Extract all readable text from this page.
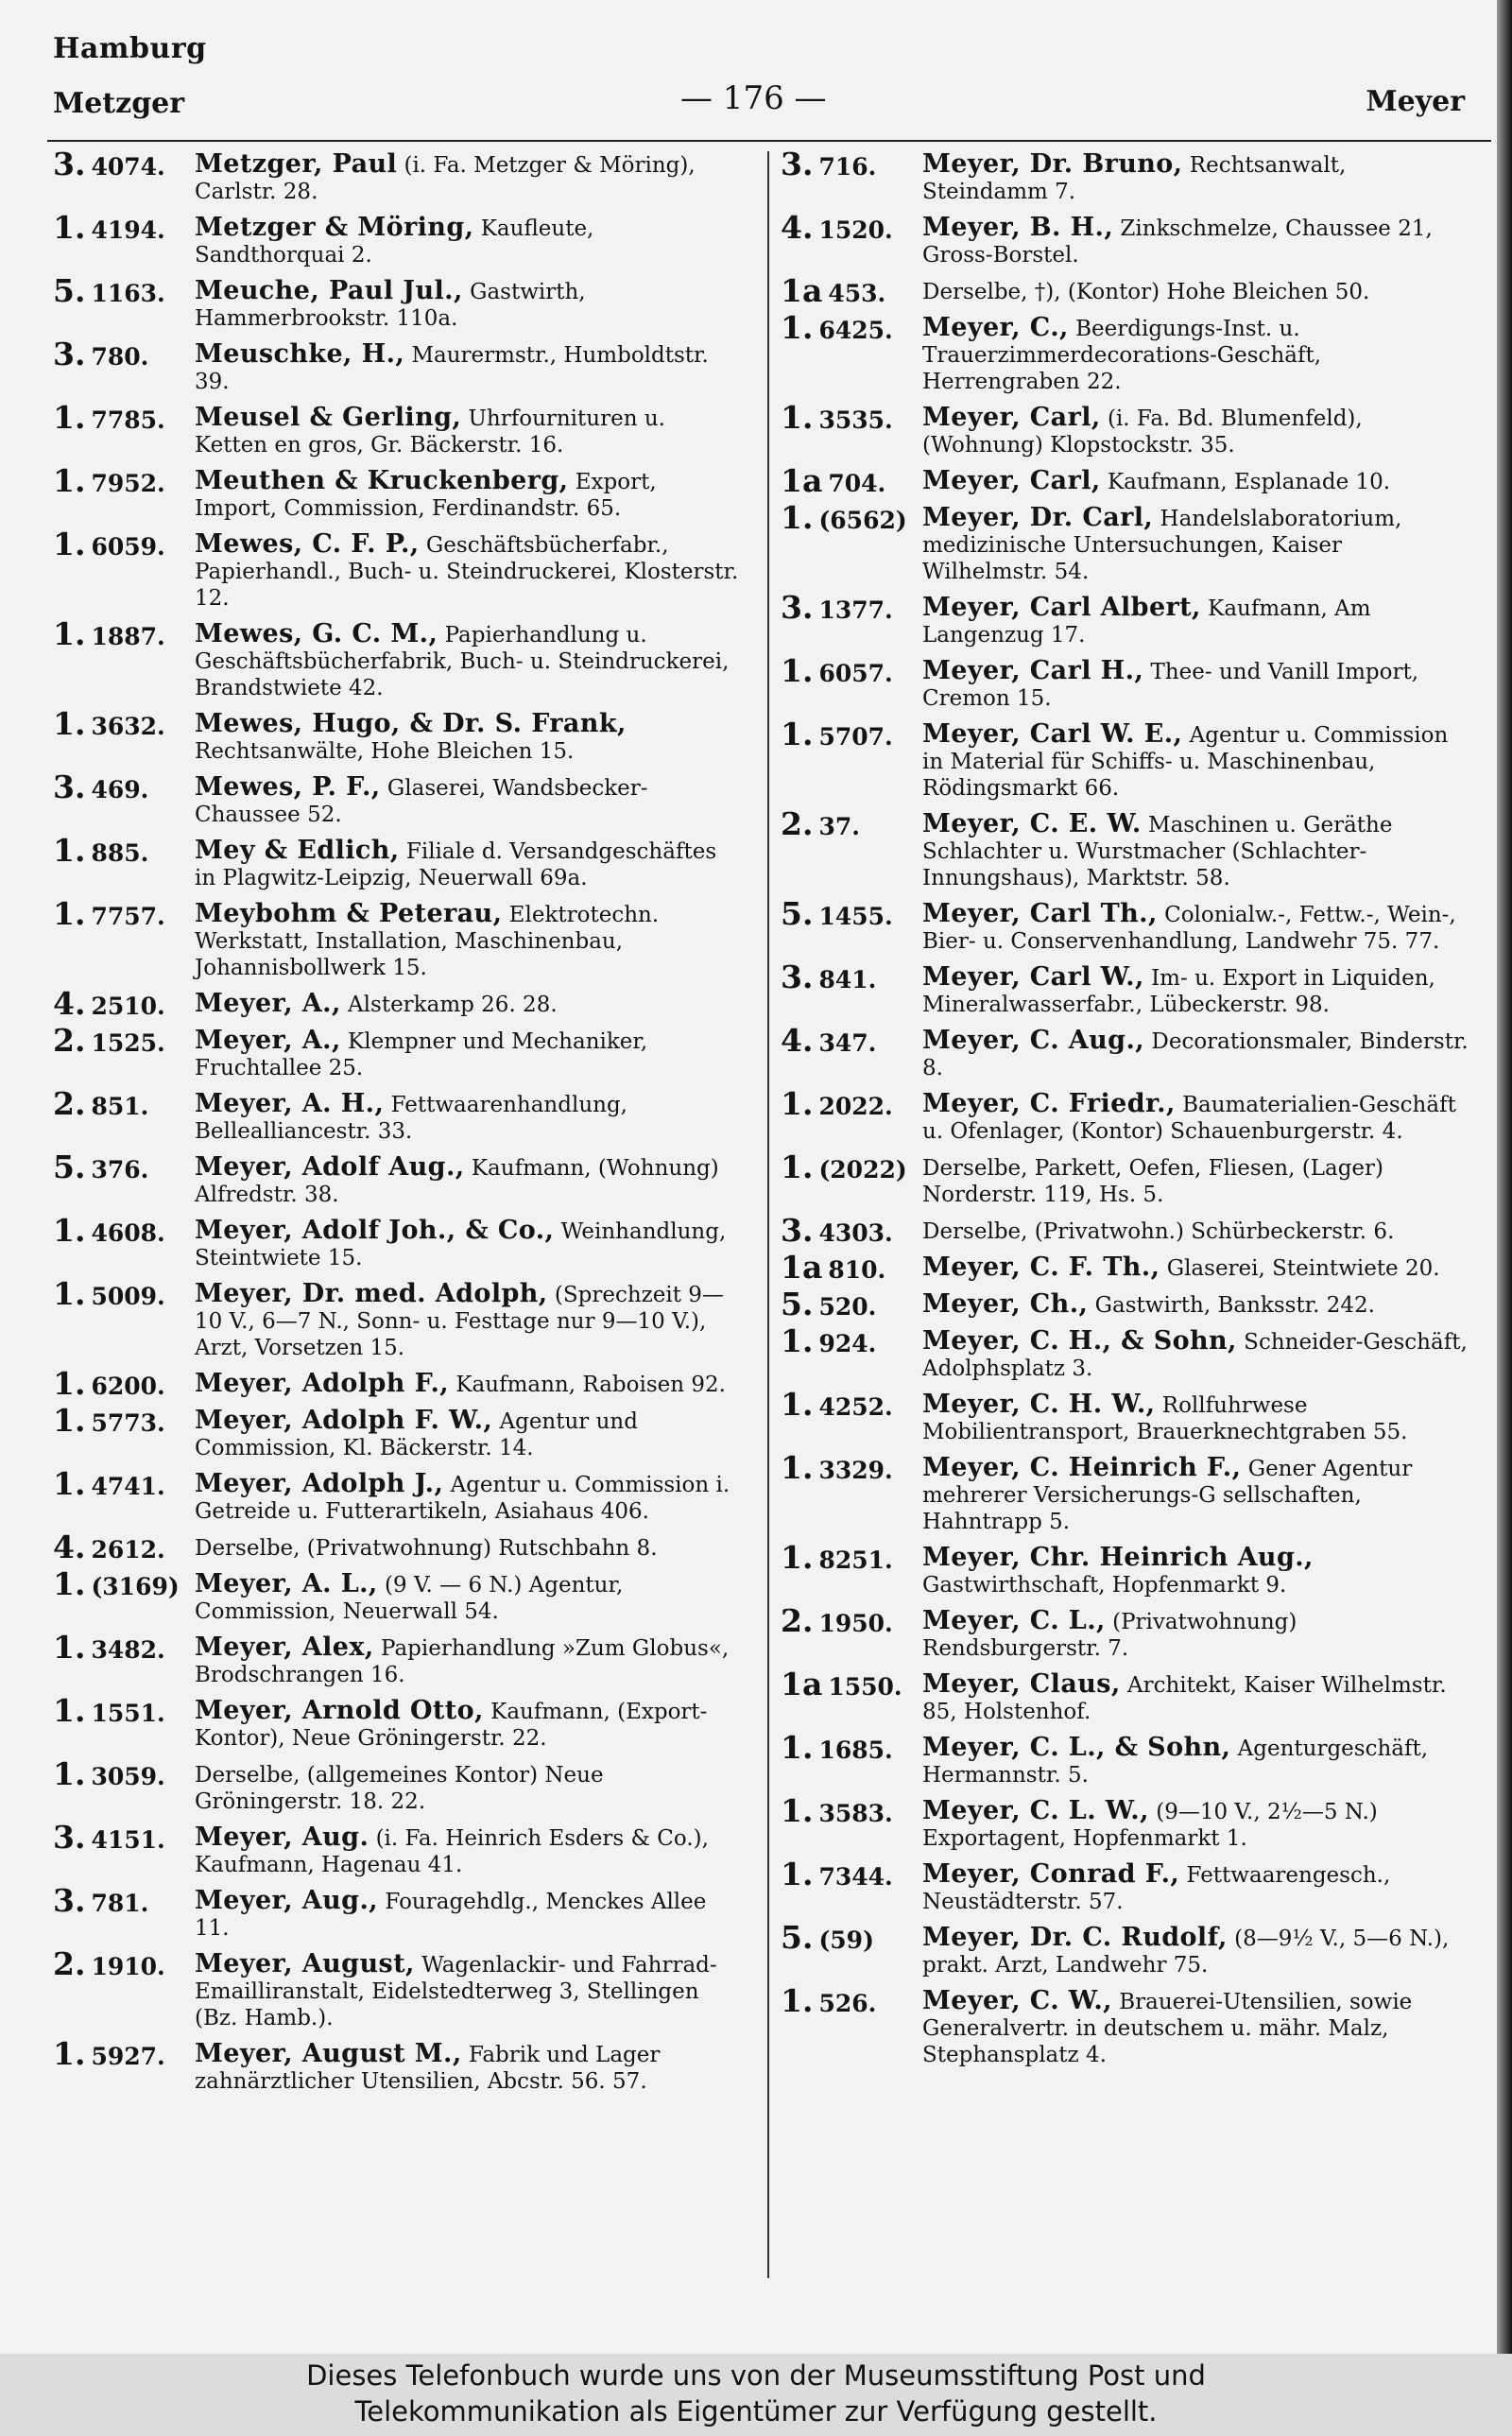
Hamburg
Metzger	— 176 —	Meyer
3. 4074. Metzger, Paul (i. Fa. Metzger & Möring), Carlstr. 28.
1. 4194. Metzger & Möring, Kaufleute, Sandthorquai 2.
5. 1163. Meuche, Paul Jul., Gastwirth, Hammerbrookstr. 110a.
3. 780. Meuschke, H., Maurermstr., Humboldtstr. 39.
1. 7785. Meusel & Gerling, Uhrfournituren u. Ketten en gros, Gr. Bäckerstr. 16.
1. 7952. Meuthen & Kruckenberg, Export, Import, Commission, Ferdinandstr. 65.
1. 6059. Mewes, C. F. P., Geschäftsbücherfabr., Papierhandl., Buch- u. Steindruckerei, Klosterstr. 12.
1. 1887. Mewes, G. C. M., Papierhandlung u. Geschäftsbücherfabrik, Buch- u. Steindruckerei, Brandstwiete 42.
1. 3632. Mewes, Hugo, & Dr. S. Frank, Rechtsanwälte, Hohe Bleichen 15.
3. 469. Mewes, P. F., Glaserei, Wandsbecker-Chaussee 52.
1. 885. Mey & Edlich, Filiale d. Versandgeschäftes in Plagwitz-Leipzig, Neuerwall 69a.
1. 7757. Meybohm & Peterau, Elektrotechn. Werkstatt, Installation, Maschinenbau, Johannisbollwerk 15.
4. 2510. Meyer, A., Alsterkamp 26. 28.
2. 1525. Meyer, A., Klempner und Mechaniker, Fruchtallee 25.
2. 851. Meyer, A. H., Fettwaarenhandlung, Bellealliancestr. 33.
5. 376. Meyer, Adolf Aug., Kaufmann, (Wohnung) Alfredstr. 38.
1. 4608. Meyer, Adolf Joh., & Co., Weinhandlung, Steintwiete 15.
1. 5009. Meyer, Dr. med. Adolph, (Sprechzeit 9—10 V., 6—7 N., Sonn- u. Festtage nur 9—10 V.), Arzt, Vorsetzen 15.
1. 6200. Meyer, Adolph F., Kaufmann, Raboisen 92.
1. 5773. Meyer, Adolph F. W., Agentur und Commission, Kl. Bäckerstr. 14.
1. 4741. Meyer, Adolph J., Agentur u. Commission i. Getreide u. Futterartikeln, Asiahaus 406.
4. 2612. Derselbe, (Privatwohnung) Rutschbahn 8.
1. (3169) Meyer, A. L., (9 V. — 6 N.) Agentur, Commission, Neuerwall 54.
1. 3482. Meyer, Alex, Papierhandlung »Zum Globus«, Brodschrangen 16.
1. 1551. Meyer, Arnold Otto, Kaufmann, (Export-Kontor), Neue Gröningerstr. 22.
1. 3059. Derselbe, (allgemeines Kontor) Neue Gröningerstr. 18. 22.
3. 4151. Meyer, Aug. (i. Fa. Heinrich Esders & Co.), Kaufmann, Hagenau 41.
3. 781. Meyer, Aug., Fouragehdlg., Menckes Allee 11.
2. 1910. Meyer, August, Wagenlackir- und Fahrrad-Emailliranstalt, Eidelstedterweg 3, Stellingen (Bz. Hamb.).
1. 5927. Meyer, August M., Fabrik und Lager zahnärztlicher Utensilien, Abcstr. 56. 57.
3. 716. Meyer, Dr. Bruno, Rechtsanwalt, Steindamm 7.
4. 1520. Meyer, B. H., Zinkschmelze, Chaussee 21, Gross-Borstel.
1a 453. Derselbe, †), (Kontor) Hohe Bleichen 50.
1. 6425. Meyer, C., Beerdigungs-Inst. u. Trauerzimmerdecorations-Geschäft, Herrengraben 22.
1. 3535. Meyer, Carl, (i. Fa. Bd. Blumenfeld), (Wohnung) Klopstockstr. 35.
1a 704. Meyer, Carl, Kaufmann, Esplanade 10.
1. (6562) Meyer, Dr. Carl, Handelslaboratorium, medizinische Untersuchungen, Kaiser Wilhelmstr. 54.
3. 1377. Meyer, Carl Albert, Kaufmann, Am Langenzug 17.
1. 6057. Meyer, Carl H., Thee- und Vanill Import, Cremon 15.
1. 5707. Meyer, Carl W. E., Agentur u. Commission in Material für Schiffs- u. Maschinenbau, Rödingsmarkt 66.
2. 37. Meyer, C. E. W. Maschinen u. Geräthe Schlachter u. Wurstmacher (Schlachter-Innungshaus), Marktstr. 58.
5. 1455. Meyer, Carl Th., Colonialw.-, Fettw.-, Wein-, Bier- u. Conservenhandlung, Landwehr 75. 77.
3. 841. Meyer, Carl W., Im- u. Export in Liquiden, Mineralwasserfabr., Lübeckerstr. 98.
4. 347. Meyer, C. Aug., Decorationsmaler, Binderstr. 8.
1. 2022. Meyer, C. Friedr., Baumaterialien-Geschäft u. Ofenlager, (Kontor) Schauenburgerstr. 4.
1. (2022) Derselbe, Parkett, Oefen, Fliesen, (Lager) Norderstr. 119, Hs. 5.
3. 4303. Derselbe, (Privatwohn.) Schürbeckerstr. 6.
1a 810. Meyer, C. F. Th., Glaserei, Steintwiete 20.
5. 520. Meyer, Ch., Gastwirth, Banksstr. 242.
1. 924. Meyer, C. H., & Sohn, Schneider-Geschäft, Adolphsplatz 3.
1. 4252. Meyer, C. H. W., Rollfuhrwese Mobilientransport, Brauerknechtgraben 55.
1. 3329. Meyer, C. Heinrich F., Gener Agentur mehrerer Versicherungs-G sellschaften, Hahntrapp 5.
1. 8251. Meyer, Chr. Heinrich Aug., Gastwirthschaft, Hopfenmarkt 9.
2. 1950. Meyer, C. L., (Privatwohnung) Rendsburgerstr. 7.
1a 1550. Meyer, Claus, Architekt, Kaiser Wilhelmstr. 85, Holstenhof.
1. 1685. Meyer, C. L., & Sohn, Agenturgeschäft, Hermannstr. 5.
1. 3583. Meyer, C. L. W., (9—10 V., 2½—5 N.) Exportagent, Hopfenmarkt 1.
1. 7344. Meyer, Conrad F., Fettwaarengesch., Neustädterstr. 57.
5. (59) Meyer, Dr. C. Rudolf, (8—9½ V., 5—6 N.), prakt. Arzt, Landwehr 75.
1. 526. Meyer, C. W., Brauerei-Utensilien, sowie Generalvertr. in deutschem u. mähr. Malz, Stephansplatz 4.
Dieses Telefonbuch wurde uns von der Museumsstiftung Post und
Telekommunikation als Eigentümer zur Verfügung gestellt.
